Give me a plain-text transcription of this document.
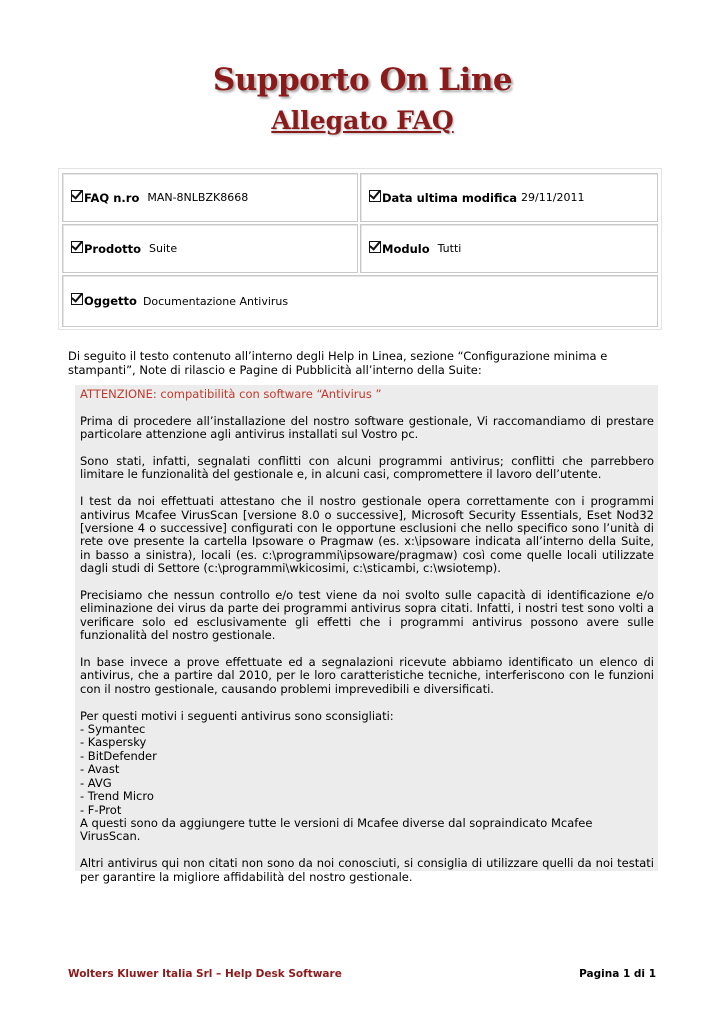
Supporto On Line
Allegato FAQ
FAQ n.ro MAN-8NLBZK8668	Data ultima modifica 29/11/2011
Prodotto Suite	Modulo Tutti
Oggetto Documentazione Antivirus
Di seguito il testo contenuto all’interno degli Help in Linea, sezione “Configurazione minima e stampanti”, Note di rilascio e Pagine di Pubblicità all’interno della Suite:

ATTENZIONE: compatibilità con software “Antivirus ”

Prima di procedere all’installazione del nostro software gestionale, Vi raccomandiamo di prestare particolare attenzione agli antivirus installati sul Vostro pc.

Sono stati, infatti, segnalati conflitti con alcuni programmi antivirus; conflitti che parrebbero limitare le funzionalità del gestionale e, in alcuni casi, compromettere il lavoro dell’utente.

I test da noi effettuati attestano che il nostro gestionale opera correttamente con i programmi antivirus Mcafee VirusScan [versione 8.0 o successive], Microsoft Security Essentials, Eset Nod32 [versione 4 o successive] configurati con le opportune esclusioni che nello specifico sono l’unità di rete ove presente la cartella Ipsoware o Pragmaw (es. x:\ipsoware indicata all’interno della Suite, in basso a sinistra), locali (es. c:\programmi\ipsoware/pragmaw) così come quelle locali utilizzate dagli studi di Settore (c:\programmi\wkicosimi, c:\sticambi, c:\wsiotemp).

Precisiamo che nessun controllo e/o test viene da noi svolto sulle capacità di identificazione e/o eliminazione dei virus da parte dei programmi antivirus sopra citati. Infatti, i nostri test sono volti a verificare solo ed esclusivamente gli effetti che i programmi antivirus possono avere sulle funzionalità del nostro gestionale.

In base invece a prove effettuate ed a segnalazioni ricevute abbiamo identificato un elenco di antivirus, che a partire dal 2010, per le loro caratteristiche tecniche, interferiscono con le funzioni con il nostro gestionale, causando problemi imprevedibili e diversificati.

Per questi motivi i seguenti antivirus sono sconsigliati:
- Symantec
- Kaspersky
- BitDefender
- Avast
- AVG
- Trend Micro
- F-Prot
A questi sono da aggiungere tutte le versioni di Mcafee diverse dal sopraindicato Mcafee VirusScan.

Altri antivirus qui non citati non sono da noi conosciuti, si consiglia di utilizzare quelli da noi testati per garantire la migliore affidabilità del nostro gestionale.

Wolters Kluwer Italia Srl – Help Desk Software	Pagina 1 di 1
